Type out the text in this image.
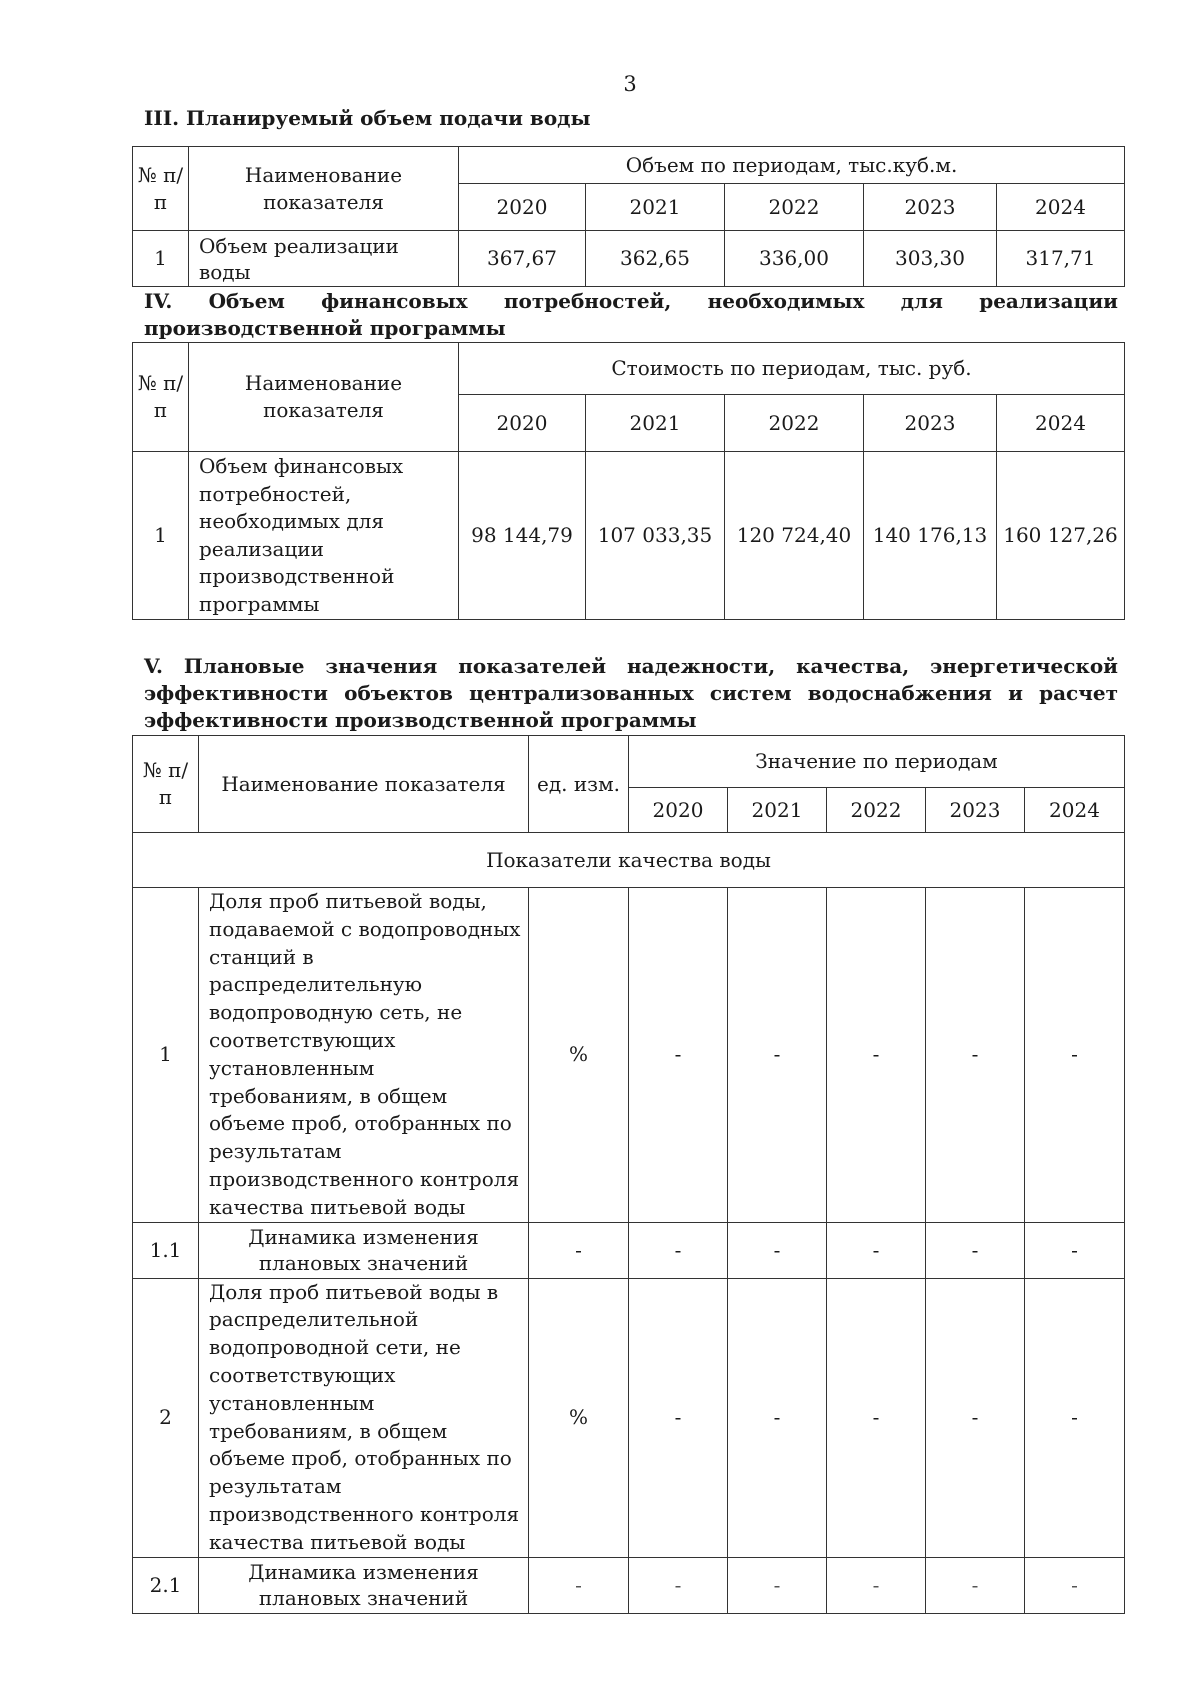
3
III. Планируемый объем подачи воды
№ п/п	Наименование показателя	Объем по периодам, тыс.куб.м.				
		2020	2021	2022	2023	2024
1	Объем реализации воды	367,67	362,65	336,00	303,30	317,71
IV. Объем финансовых потребностей, необходимых для реализации производственной программы
№ п/п	Наименование показателя	Стоимость по периодам, тыс. руб.				
		2020	2021	2022	2023	2024
1	Объем финансовых потребностей, необходимых для реализации производственной программы	98 144,79	107 033,35	120 724,40	140 176,13	160 127,26
V. Плановые значения показателей надежности, качества, энергетической эффективности объектов централизованных систем водоснабжения и расчет эффективности производственной программы
№ п/п	Наименование показателя	ед. изм.	Значение по периодам				
			2020	2021	2022	2023	2024
Показатели качества воды							
1	Доля проб питьевой воды, подаваемой с водопроводных станций в распределительную водопроводную сеть, не соответствующих установленным требованиям, в общем объеме проб, отобранных по результатам производственного контроля качества питьевой воды	%	-	-	-	-	-
1.1	Динамика изменения плановых значений	-	-	-	-	-	-
2	Доля проб питьевой воды в распределительной водопроводной сети, не соответствующих установленным требованиям, в общем объеме проб, отобранных по результатам производственного контроля качества питьевой воды	%	-	-	-	-	-
2.1	Динамика изменения плановых значений	-	-	-	-	-	-
